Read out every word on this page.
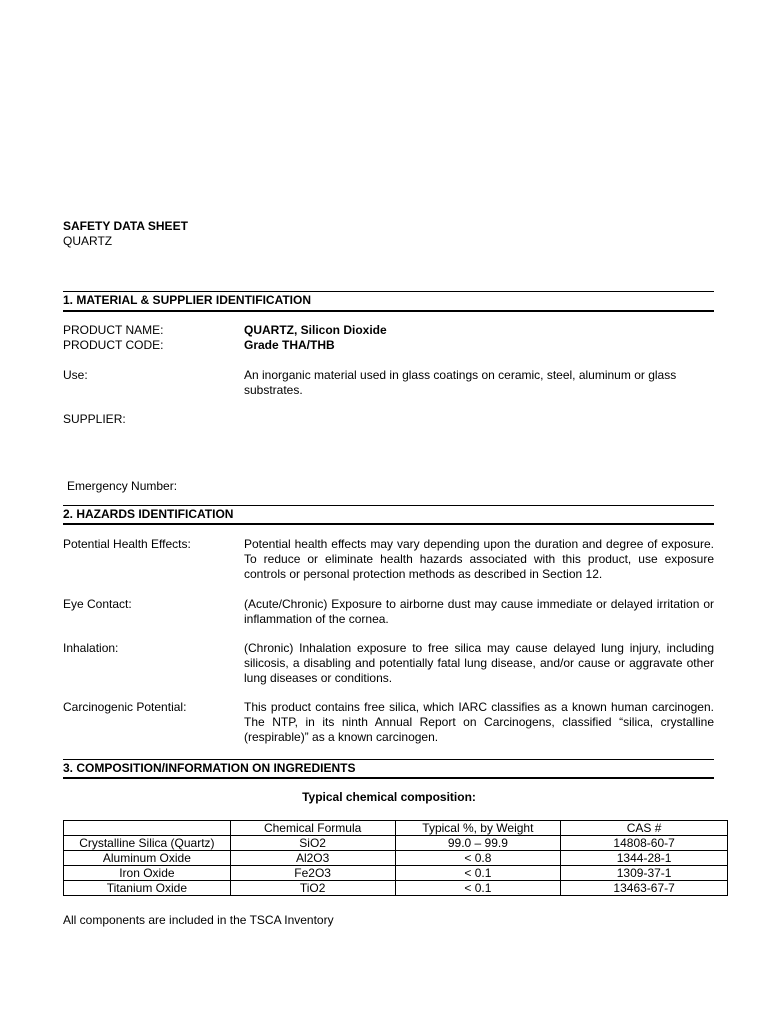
SAFETY DATA SHEET
QUARTZ
1. MATERIAL & SUPPLIER IDENTIFICATION
PRODUCT NAME:	QUARTZ, Silicon Dioxide
PRODUCT CODE:	Grade THA/THB
Use:	An inorganic material used in glass coatings on ceramic, steel, aluminum or glass substrates.
SUPPLIER:
Emergency Number:
2. HAZARDS IDENTIFICATION
Potential Health Effects:	Potential health effects may vary depending upon the duration and degree of exposure. To reduce or eliminate health hazards associated with this product, use exposure controls or personal protection methods as described in Section 12.
Eye Contact:	(Acute/Chronic) Exposure to airborne dust may cause immediate or delayed irritation or inflammation of the cornea.
Inhalation:	(Chronic) Inhalation exposure to free silica may cause delayed lung injury, including silicosis, a disabling and potentially fatal lung disease, and/or cause or aggravate other lung diseases or conditions.
Carcinogenic Potential:	This product contains free silica, which IARC classifies as a known human carcinogen. The NTP, in its ninth Annual Report on Carcinogens, classified “silica, crystalline (respirable)” as a known carcinogen.
3. COMPOSITION/INFORMATION ON INGREDIENTS
Typical chemical composition:
	Chemical Formula	Typical %, by Weight	CAS #
Crystalline Silica (Quartz)	SiO2	99.0 – 99.9	14808-60-7
Aluminum Oxide	Al2O3	< 0.8	1344-28-1
Iron Oxide	Fe2O3	< 0.1	1309-37-1
Titanium Oxide	TiO2	< 0.1	13463-67-7
All components are included in the TSCA Inventory
